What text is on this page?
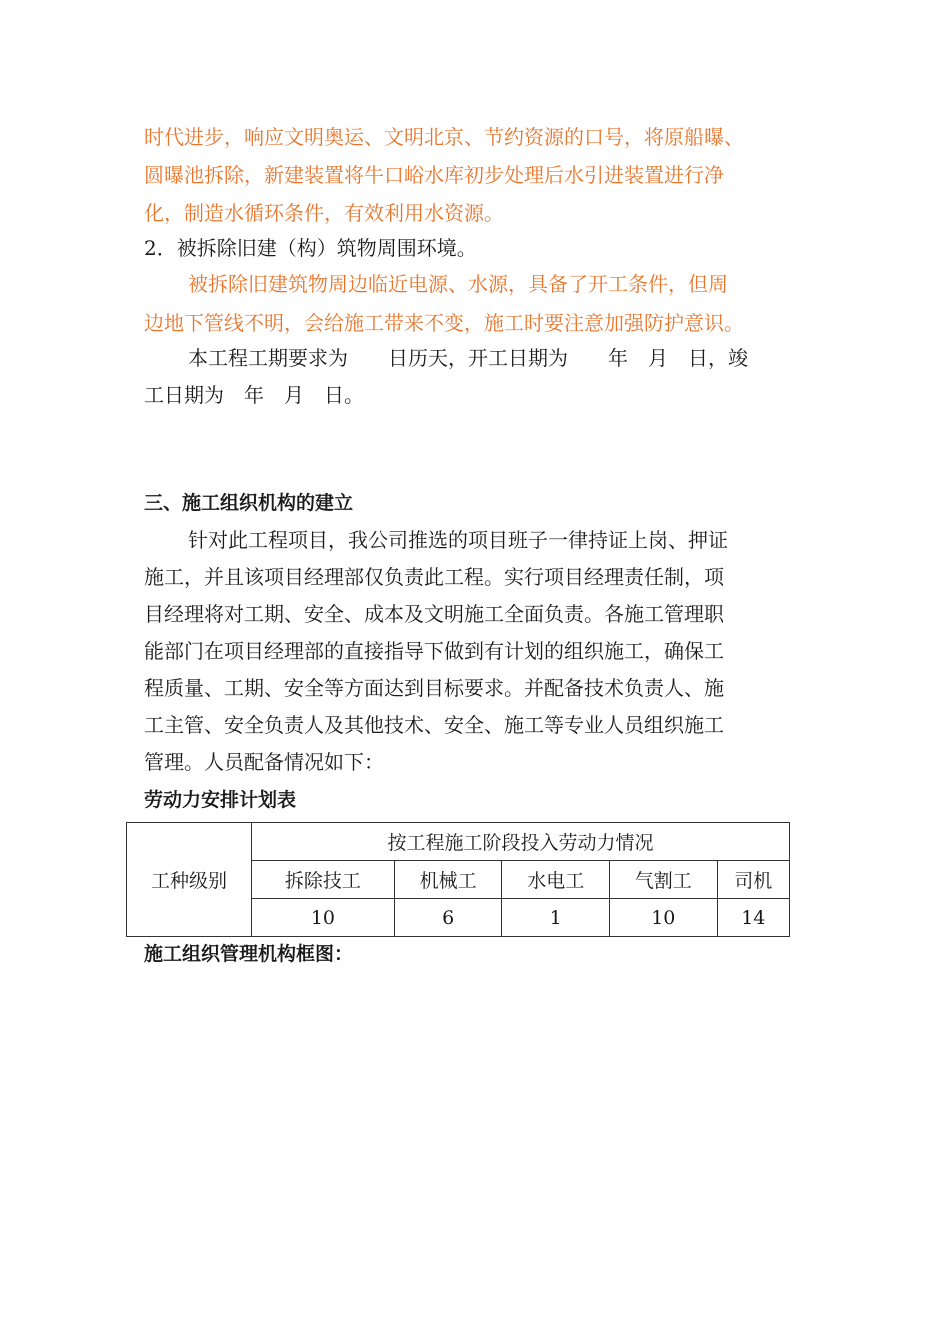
时代进步，响应文明奥运、文明北京、节约资源的口号，将原船曝、
圆曝池拆除，新建装置将牛口峪水库初步处理后水引进装置进行净
化，制造水循环条件，有效利用水资源。
2．被拆除旧建（构）筑物周围环境。
被拆除旧建筑物周边临近电源、水源，具备了开工条件，但周
边地下管线不明，会给施工带来不变，施工时要注意加强防护意识。
本工程工期要求为　　日历天，开工日期为　　年　月　日，竣
工日期为　年　月　日。
三、施工组织机构的建立
针对此工程项目，我公司推选的项目班子一律持证上岗、押证
施工，并且该项目经理部仅负责此工程。实行项目经理责任制，项
目经理将对工期、安全、成本及文明施工全面负责。各施工管理职
能部门在项目经理部的直接指导下做到有计划的组织施工，确保工
程质量、工期、安全等方面达到目标要求。并配备技术负责人、施
工主管、安全负责人及其他技术、安全、施工等专业人员组织施工
管理。人员配备情况如下：
劳动力安排计划表
工种级别	按工程施工阶段投入劳动力情况				
	拆除技工	机械工	水电工	气割工	司机
	10	6	1	10	14
施工组织管理机构框图：
